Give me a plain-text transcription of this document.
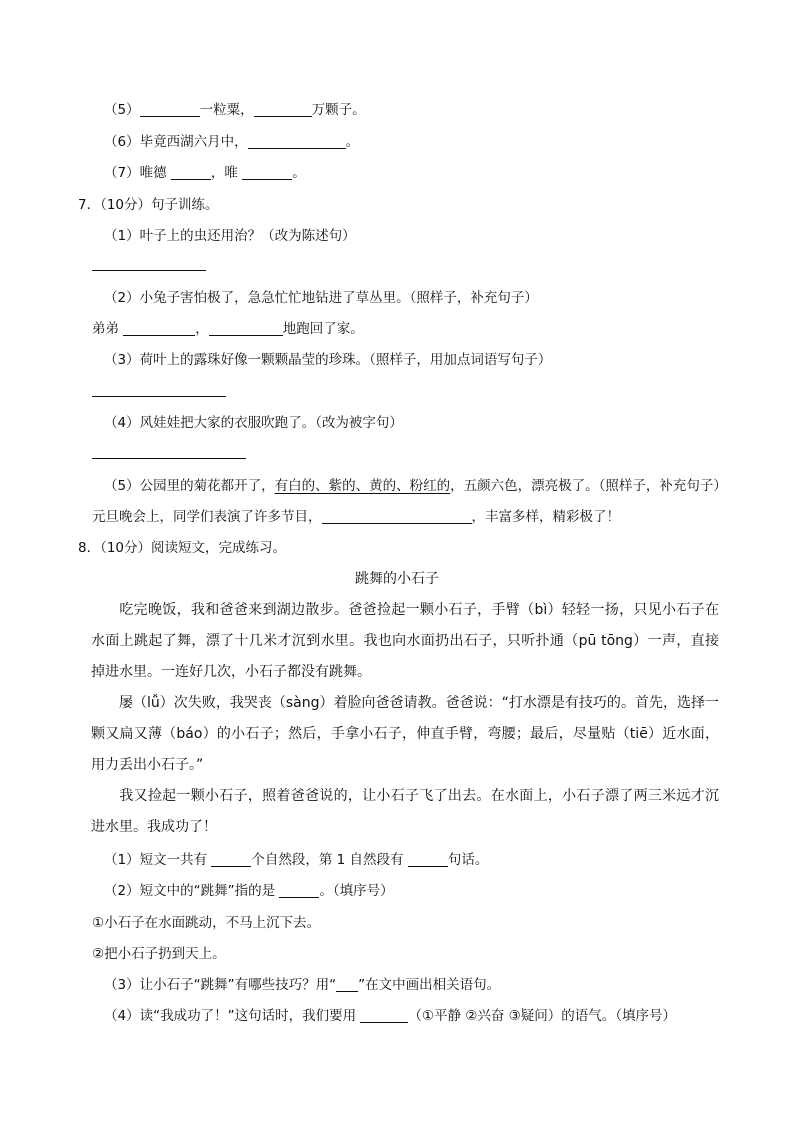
（5）	一粒粟，	万颗子。
（6）毕竟西湖六月中，	。
（7）唯德	，唯	。
7．（10分）句子训练。
（1）叶子上的虫还用治？（改为陈述句）
（2）小兔子害怕极了，急急忙忙地钻进了草丛里。（照样子，补充句子）
弟弟	，	地跑回了家。
（3）荷叶上的露珠好像一颗颗晶莹的珍珠。（照样子，用加点词语写句子）
（4）风娃娃把大家的衣服吹跑了。（改为被字句）
（5）公园里的菊花都开了，有白的、紫的、黄的、粉红的，五颜六色，漂亮极了。（照样子，补充句子）
元旦晚会上，同学们表演了许多节目，	，丰富多样，精彩极了！
8．（10分）阅读短文，完成练习。
跳舞的小石子
吃完晚饭，我和爸爸来到湖边散步。爸爸捡起一颗小石子，手臂（bì）轻轻一扬，只见小石子在水面上跳起了舞，漂了十几米才沉到水里。我也向水面扔出石子，只听扑通（pū tōng）一声，直接掉进水里。一连好几次，小石子都没有跳舞。
屡（lǚ）次失败，我哭丧（sàng）着脸向爸爸请教。爸爸说：“打水漂是有技巧的。首先，选择一颗又扁又薄（báo）的小石子；然后，手拿小石子，伸直手臂，弯腰；最后，尽量贴（tiē）近水面，用力丢出小石子。”
我又捡起一颗小石子，照着爸爸说的，让小石子飞了出去。在水面上，小石子漂了两三米远才沉进水里。我成功了！
（1）短文一共有	个自然段，第 1 自然段有	句话。
（2）短文中的“跳舞”指的是	。（填序号）
①小石子在水面跳动，不马上沉下去。
②把小石子扔到天上。
（3）让小石子“跳舞”有哪些技巧？用“ ”在文中画出相关语句。
（4）读“我成功了！”这句话时，我们要用	（①平静 ②兴奋 ③疑问）的语气。（填序号）
